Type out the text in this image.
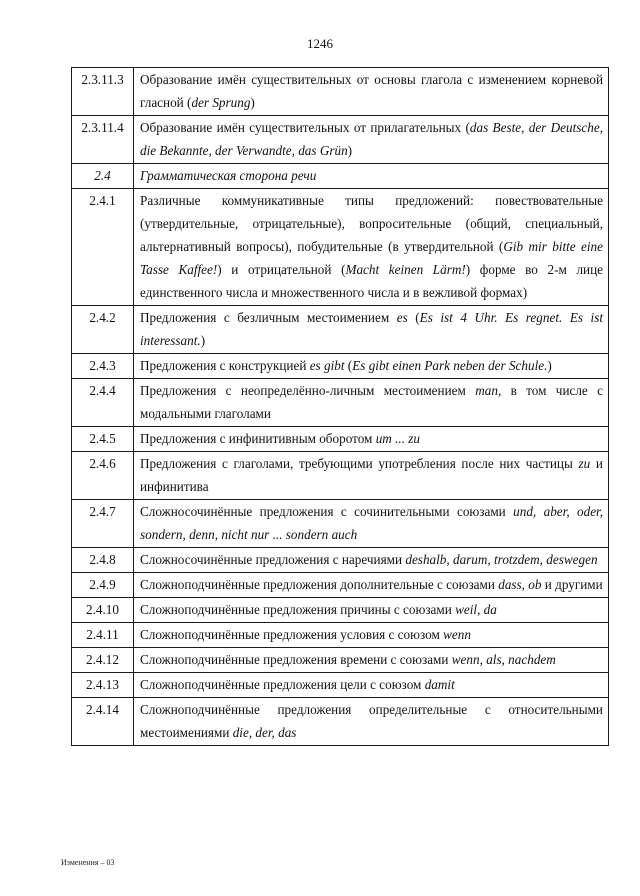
1246
2.3.11.3	Образование имён существительных от основы глагола с изменением корневой гласной (der Sprung)
2.3.11.4	Образование имён существительных от прилагательных (das Beste, der Deutsche, die Bekannte, der Verwandte, das Grün)
2.4	Грамматическая сторона речи
2.4.1	Различные коммуникативные типы предложений: повествовательные (утвердительные, отрицательные), вопросительные (общий, специальный, альтернативный вопросы), побудительные (в утвердительной (Gib mir bitte eine Tasse Kaffee!) и отрицательной (Macht keinen Lärm!) форме во 2-м лице единственного числа и множественного числа и в вежливой формах)
2.4.2	Предложения с безличным местоимением es (Es ist 4 Uhr. Es regnet. Es ist interessant.)
2.4.3	Предложения с конструкцией es gibt (Es gibt einen Park neben der Schule.)
2.4.4	Предложения с неопределённо-личным местоимением man, в том числе с модальными глаголами
2.4.5	Предложения с инфинитивным оборотом um ... zu
2.4.6	Предложения с глаголами, требующими употребления после них частицы zu и инфинитива
2.4.7	Сложносочинённые предложения с сочинительными союзами und, aber, oder, sondern, denn, nicht nur ... sondern auch
2.4.8	Сложносочинённые предложения с наречиями deshalb, darum, trotzdem, deswegen
2.4.9	Сложноподчинённые предложения дополнительные с союзами dass, ob и другими
2.4.10	Сложноподчинённые предложения причины с союзами weil, da
2.4.11	Сложноподчинённые предложения условия с союзом wenn
2.4.12	Сложноподчинённые предложения времени с союзами wenn, als, nachdem
2.4.13	Сложноподчинённые предложения цели с союзом damit
2.4.14	Сложноподчинённые предложения определительные с относительными местоимениями die, der, das
Изменения – 03
